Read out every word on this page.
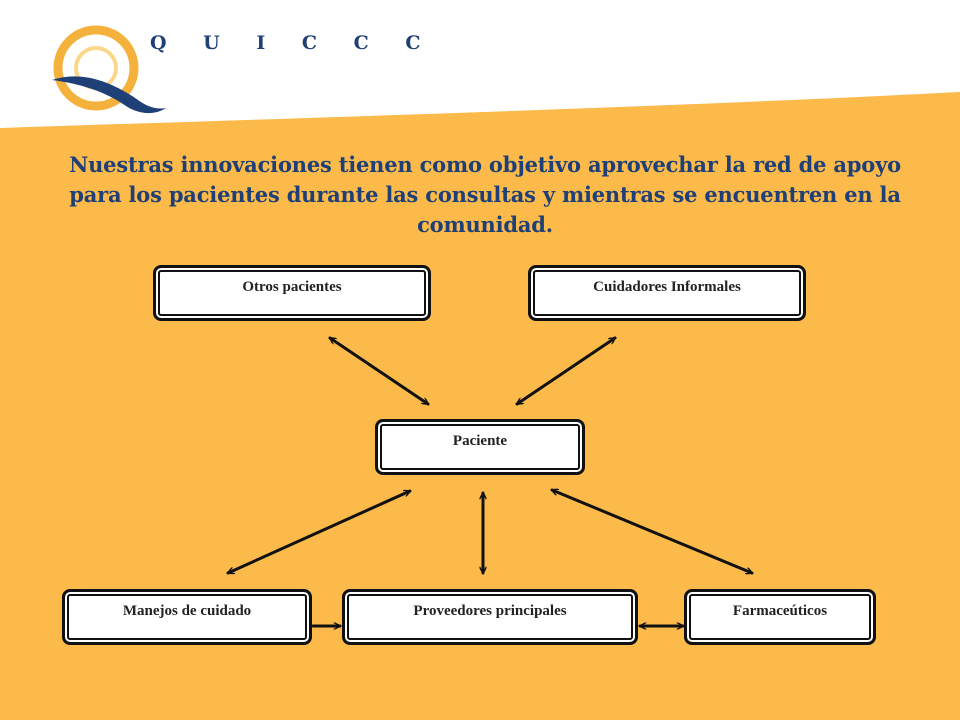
Q U I C C C
Nuestras innovaciones tienen como objetivo aprovechar la red de apoyo para los pacientes durante las consultas y mientras se encuentren en la comunidad.
Otros pacientes	Cuidadores Informales
Paciente
Manejos de cuidado	Proveedores principales	Farmaceúticos
